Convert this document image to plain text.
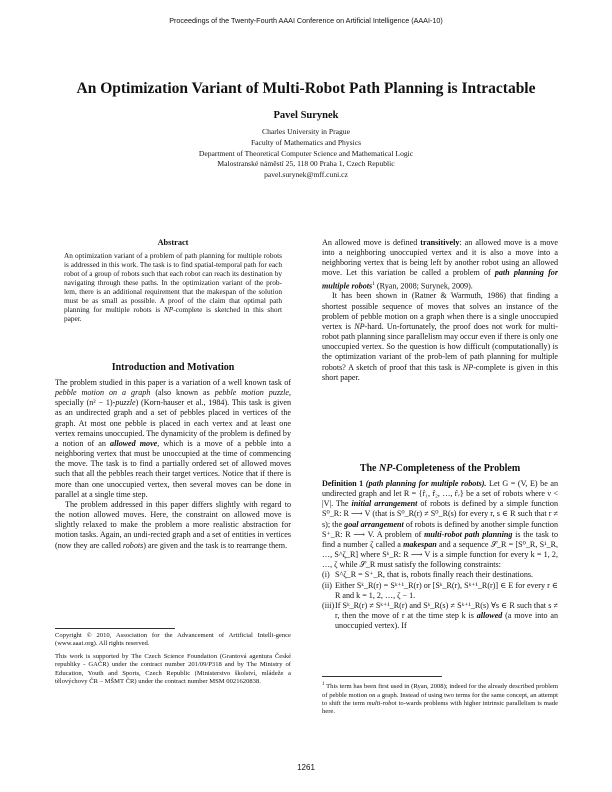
Proceedings of the Twenty-Fourth AAAI Conference on Artificial Intelligence (AAAI-10)
An Optimization Variant of Multi-Robot Path Planning is Intractable
Pavel Surynek
Charles University in Prague
Faculty of Mathematics and Physics
Department of Theoretical Computer Science and Mathematical Logic
Malostranské náměstí 25, 118 00 Praha 1, Czech Republic
pavel.surynek@mff.cuni.cz
Abstract

An optimization variant of a problem of path planning for multiple robots is addressed in this work. The task is to find spatial-temporal path for each robot of a group of robots such that each robot can reach its destination by navigating through these paths. In the optimization variant of the prob-lem, there is an additional requirement that the makespan of the solution must be as small as possible. A proof of the claim that optimal path planning for multiple robots is NP-complete is sketched in this short paper.

Introduction and Motivation

The problem studied in this paper is a variation of a well known task of pebble motion on a graph (also known as pebble motion puzzle, specially (n² − 1)-puzzle) (Korn-hauser et al., 1984). This task is given as an undirected graph and a set of pebbles placed in vertices of the graph. At most one pebble is placed in each vertex and at least one vertex remains unoccupied. The dynamicity of the problem is defined by a notion of an allowed move, which is a move of a pebble into a neighboring vertex that must be unoccupied at the time of commencing the move. The task is to find a partially ordered set of allowed moves such that all the pebbles reach their target vertices. Notice that if there is more than one unoccupied vertex, then several moves can be done in parallel at a single time step.

The problem addressed in this paper differs slightly with regard to the notion allowed moves. Here, the constraint on allowed move is slightly relaxed to make the problem a more realistic abstraction for motion tasks. Again, an undi-rected graph and a set of entities in vertices (now they are called robots) are given and the task is to rearrange them.

Copyright © 2010, Association for the Advancement of Artificial Intelli-gence (www.aaai.org). All rights reserved.

This work is supported by The Czech Science Foundation (Grantová agentura České republiky - GAČR) under the contract number 201/09/P318 and by The Ministry of Education, Youth and Sports, Czech Republic (Ministerstvo školství, mládeže a tělovýchovy ČR – MŠMT ČR) under the contract number MSM 0021620838.

An allowed move is defined transitively: an allowed move is a move into a neighboring unoccupied vertex and it is also a move into a neighboring vertex that is being left by another robot using an allowed move. Let this variation be called a problem of path planning for multiple robots$^1$ (Ryan, 2008; Surynek, 2009).

It has been shown in (Ratner & Warmuth, 1986) that finding a shortest possible sequence of moves that solves an instance of the problem of pebble motion on a graph when there is a single unoccupied vertex is NP-hard. Un-fortunately, the proof does not work for multi-robot path planning since parallelism may occur even if there is only one unoccupied vertex. So the question is how difficult (computationally) is the optimization variant of the prob-lem of path planning for multiple robots? A sketch of proof that this task is NP-complete is given in this short paper.

The NP-Completeness of the Problem

Definition 1 (path planning for multiple robots). Let G = (V, E) be an undirected graph and let R = {r̂₁, r̂₂, …, r̂ᵥ} be a set of robots where ν < |V|. The initial arrangement of robots is defined by a simple function S⁰_R: R ⟶ V (that is S⁰_R(r) ≠ S⁰_R(s) for every r, s ∈ R such that r ≠ s); the goal arrangement of robots is defined by another simple function S⁺_R: R ⟶ V. A problem of multi-robot path planning is the task to find a number ζ called a makespan and a sequence 𝒮_R = [S⁰_R, S¹_R, …, S^ζ_R] where Sᵏ_R: R ⟶ V is a simple function for every k = 1, 2, …, ζ while 𝒮_R must satisfy the following constraints:

(i) S^ζ_R = S⁺_R, that is, robots finally reach their destinations.
(ii) Either Sᵏ_R(r) = Sᵏ⁺¹_R(r) or [Sᵏ_R(r), Sᵏ⁺¹_R(r)] ∈ E for every r ∈ R and k = 1, 2, …, ζ − 1.
(iii) If Sᵏ_R(r) ≠ Sᵏ⁺¹_R(r) and Sᵏ_R(s) ≠ Sᵏ⁺¹_R(s) ∀s ∈ R such that s ≠ r, then the move of r at the time step k is allowed (a move into an unoccupied vertex). If

$^1$ This term has been first used in (Ryan, 2008); indeed for the already described problem of pebble motion on a graph. Instead of using two terms for the same concept, an attempt to shift the term multi-robot to-wards problems with higher intrinsic parallelism is made here.

1261
